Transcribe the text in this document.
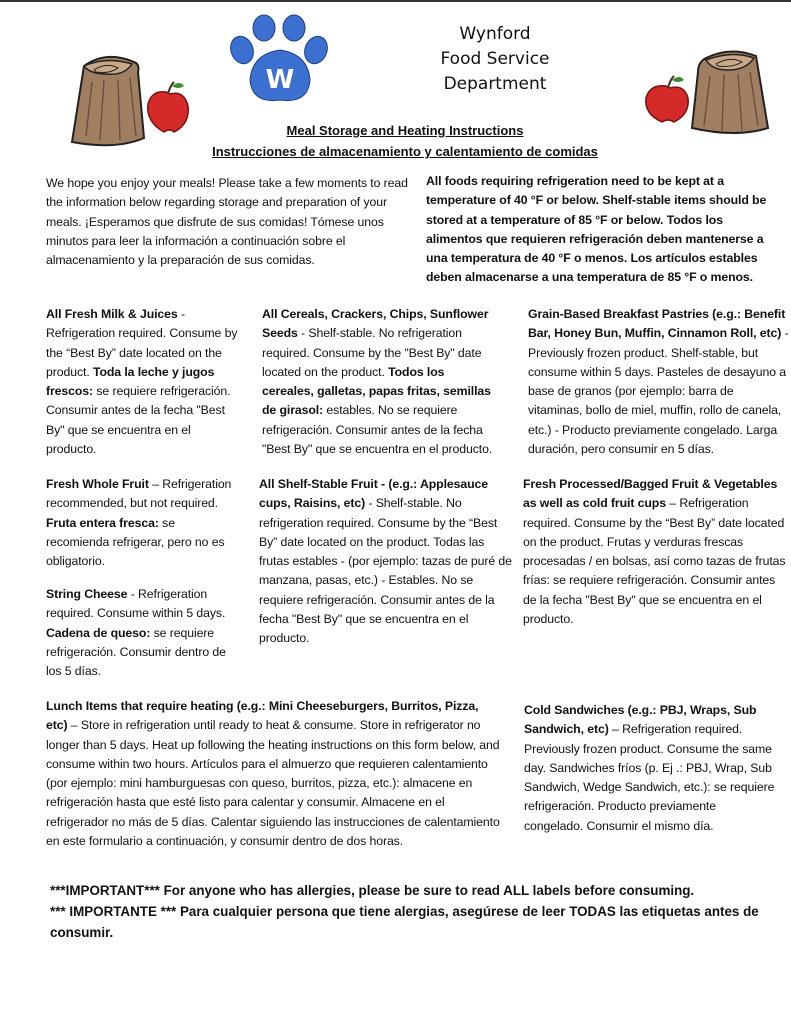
W
Wynford
Food Service
Department
Meal Storage and Heating Instructions
Instrucciones de almacenamiento y calentamiento de comidas
We hope you enjoy your meals! Please take a few moments to read the information below regarding storage and preparation of your meals. ¡Esperamos que disfrute de sus comidas! Tómese unos minutos para leer la información a continuación sobre el almacenamiento y la preparación de sus comidas.
All foods requiring refrigeration need to be kept at a temperature of 40 °F or below. Shelf-stable items should be stored at a temperature of 85 °F or below. Todos los alimentos que requieren refrigeración deben mantenerse a una temperatura de 40 °F o menos. Los artículos estables deben almacenarse a una temperatura de 85 °F o menos.
All Fresh Milk & Juices - Refrigeration required. Consume by the “Best By” date located on the product. Toda la leche y jugos frescos: se requiere refrigeración. Consumir antes de la fecha "Best By" que se encuentra en el producto.
All Cereals, Crackers, Chips, Sunflower Seeds - Shelf-stable. No refrigeration required. Consume by the "Best By" date located on the product. Todos los cereales, galletas, papas fritas, semillas de girasol: estables. No se requiere refrigeración. Consumir antes de la fecha "Best By" que se encuentra en el producto.
Grain-Based Breakfast Pastries (e.g.: Benefit Bar, Honey Bun, Muffin, Cinnamon Roll, etc) - Previously frozen product. Shelf-stable, but consume within 5 days. Pasteles de desayuno a base de granos (por ejemplo: barra de vitaminas, bollo de miel, muffin, rollo de canela, etc.) - Producto previamente congelado. Larga duración, pero consumir en 5 días.
Fresh Whole Fruit – Refrigeration recommended, but not required. Fruta entera fresca: se recomienda refrigerar, pero no es obligatorio.
All Shelf-Stable Fruit - (e.g.: Applesauce cups, Raisins, etc) - Shelf-stable. No refrigeration required. Consume by the “Best By” date located on the product. Todas las frutas estables - (por ejemplo: tazas de puré de manzana, pasas, etc.) - Estables. No se requiere refrigeración. Consumir antes de la fecha "Best By" que se encuentra en el producto.
Fresh Processed/Bagged Fruit & Vegetables as well as cold fruit cups – Refrigeration required. Consume by the “Best By” date located on the product. Frutas y verduras frescas procesadas / en bolsas, así como tazas de frutas frías: se requiere refrigeración. Consumir antes de la fecha "Best By" que se encuentra en el producto.
String Cheese - Refrigeration required. Consume within 5 days. Cadena de queso: se requiere refrigeración. Consumir dentro de los 5 días.
Lunch Items that require heating (e.g.: Mini Cheeseburgers, Burritos, Pizza, etc) – Store in refrigeration until ready to heat & consume. Store in refrigerator no longer than 5 days. Heat up following the heating instructions on this form below, and consume within two hours. Artículos para el almuerzo que requieren calentamiento (por ejemplo: mini hamburguesas con queso, burritos, pizza, etc.): almacene en refrigeración hasta que esté listo para calentar y consumir. Almacene en el refrigerador no más de 5 días. Calentar siguiendo las instrucciones de calentamiento en este formulario a continuación, y consumir dentro de dos horas.
Cold Sandwiches (e.g.: PBJ, Wraps, Sub Sandwich, etc) – Refrigeration required. Previously frozen product. Consume the same day. Sandwiches fríos (p. Ej .: PBJ, Wrap, Sub Sandwich, Wedge Sandwich, etc.): se requiere refrigeración. Producto previamente congelado. Consumir el mismo día.
***IMPORTANT*** For anyone who has allergies, please be sure to read ALL labels before consuming.
*** IMPORTANTE *** Para cualquier persona que tiene alergias, asegúrese de leer TODAS las etiquetas antes de consumir.
